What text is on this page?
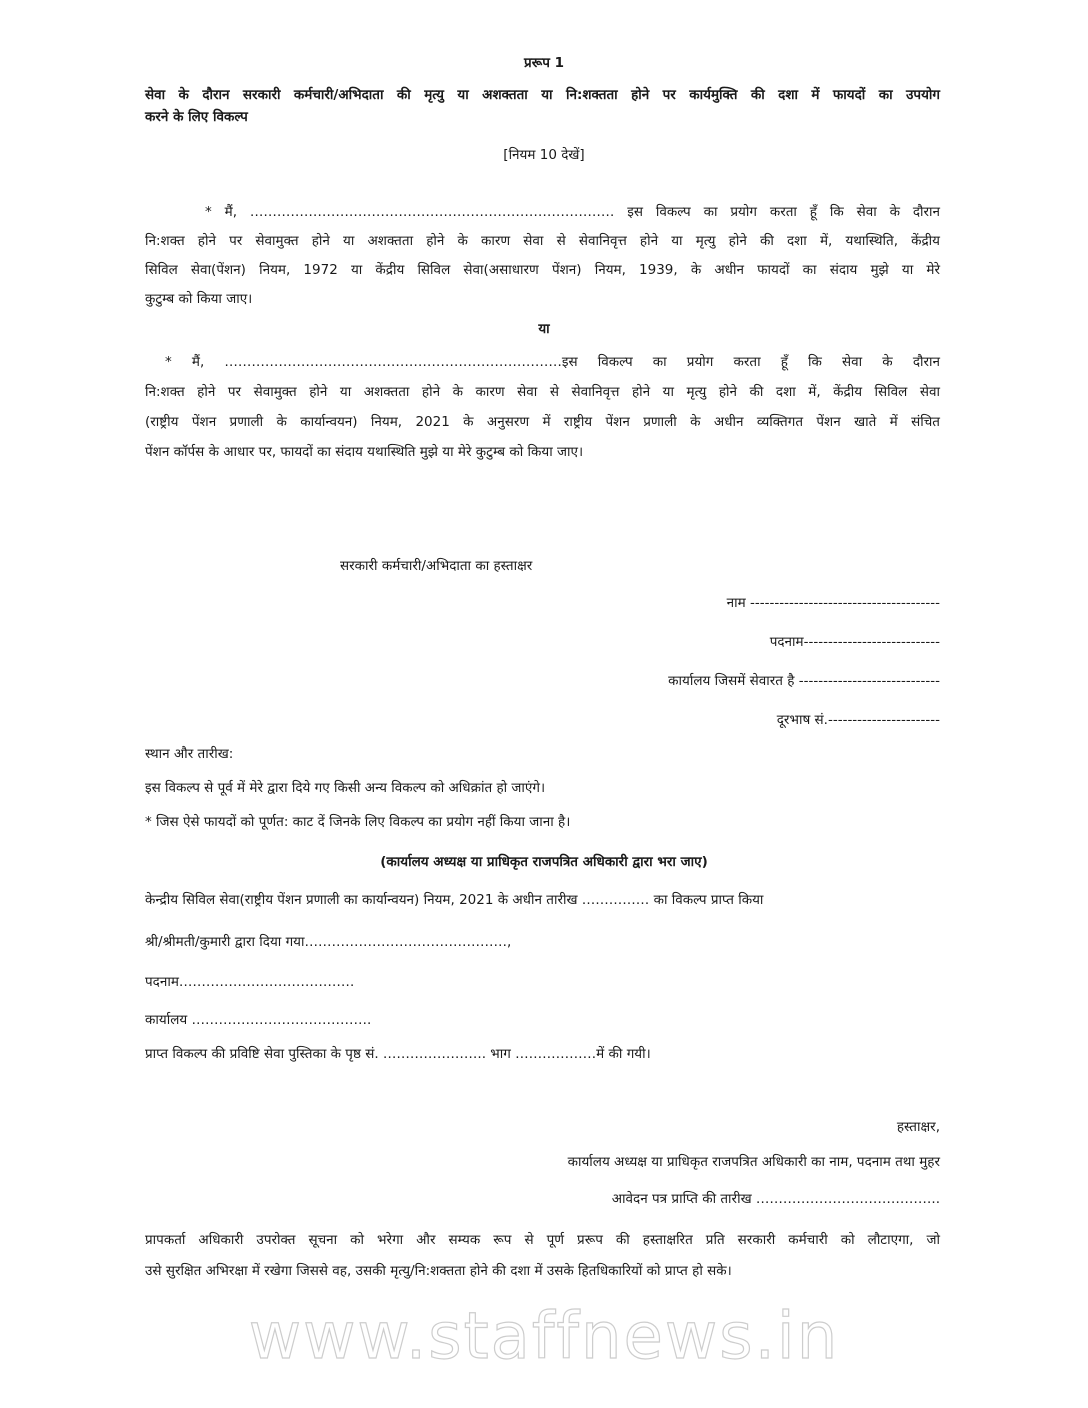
प्ररूप 1
सेवा के दौरान सरकारी कर्मचारी/अभिदाता की मृत्यु या अशक्तता या नि:शक्तता होने पर कार्यमुक्ति की दशा में फायदों का उपयोग
करने के लिए विकल्प
[नियम 10 देखें]
* मैं, ……………………………………………………………………… इस विकल्प का प्रयोग करता हूँ कि सेवा के दौरान
नि:शक्त होने पर सेवामुक्त होने या अशक्तता होने के कारण सेवा से सेवानिवृत्त होने या मृत्यु होने की दशा में, यथास्थिति, केंद्रीय
सिविल सेवा(पेंशन) नियम, 1972 या केंद्रीय सिविल सेवा(असाधारण पेंशन) नियम, 1939, के अधीन फायदों का संदाय मुझे या मेरे
कुटुम्ब को किया जाए।
या
* मैं, …………………………………………………………………इस विकल्प का प्रयोग करता हूँ कि सेवा के दौरान
नि:शक्त होने पर सेवामुक्त होने या अशक्तता होने के कारण सेवा से सेवानिवृत्त होने या मृत्यु होने की दशा में, केंद्रीय सिविल सेवा
(राष्ट्रीय पेंशन प्रणाली के कार्यान्वयन) नियम, 2021 के अनुसरण में राष्ट्रीय पेंशन प्रणाली के अधीन व्यक्तिगत पेंशन खाते में संचित
पेंशन कॉर्पस के आधार पर, फायदों का संदाय यथास्थिति मुझे या मेरे कुटुम्ब को किया जाए।
सरकारी कर्मचारी/अभिदाता का हस्ताक्षर
नाम ---------------------------------------
पदनाम----------------------------
कार्यालय जिसमें सेवारत है -----------------------------
दूरभाष सं.-----------------------
स्थान और तारीख:
इस विकल्प से पूर्व में मेरे द्वारा दिये गए किसी अन्य विकल्प को अधिक्रांत हो जाएंगे।
* जिस ऐसे फायदों को पूर्णत: काट दें जिनके लिए विकल्प का प्रयोग नहीं किया जाना है।
(कार्यालय अध्यक्ष या प्राधिकृत राजपत्रित अधिकारी द्वारा भरा जाए)
केन्द्रीय सिविल सेवा(राष्ट्रीय पेंशन प्रणाली का कार्यान्वयन) नियम, 2021 के अधीन तारीख …………… का विकल्प प्राप्त किया
श्री/श्रीमती/कुमारी द्वारा दिया गया………………………………………,
पदनाम…………………………………
कार्यालय ………………………………….
प्राप्त विकल्प की प्रविष्टि सेवा पुस्तिका के पृष्ठ सं. ………………….. भाग ………………में की गयी।
हस्ताक्षर,
कार्यालय अध्यक्ष या प्राधिकृत राजपत्रित अधिकारी का नाम, पदनाम तथा मुहर
आवेदन पत्र प्राप्ति की तारीख …………………………………..
प्रापकर्ता अधिकारी उपरोक्त सूचना को भरेगा और सम्यक रूप से पूर्ण प्ररूप की हस्ताक्षरित प्रति सरकारी कर्मचारी को लौटाएगा, जो
उसे सुरक्षित अभिरक्षा में रखेगा जिससे वह, उसकी मृत्यु/नि:शक्तता होने की दशा में उसके हितधिकारियों को प्राप्त हो सके।
www.staffnews.in
